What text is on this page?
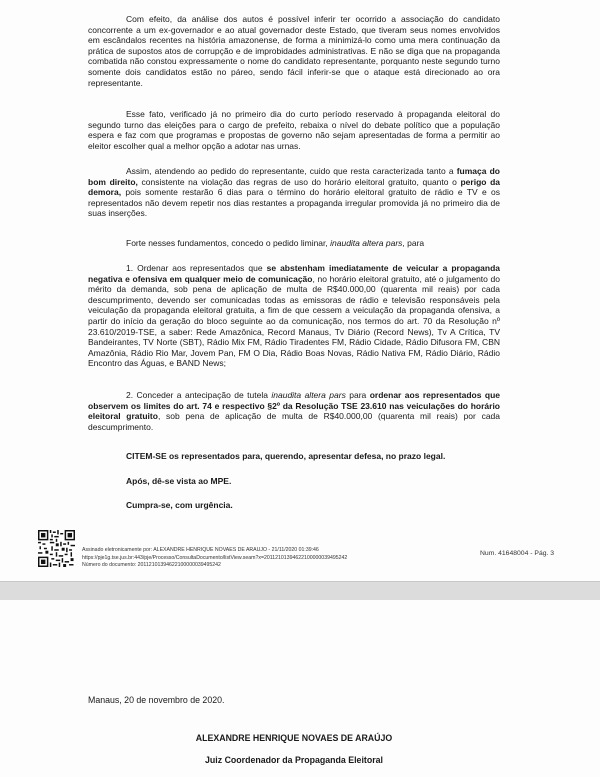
Com efeito, da análise dos autos é possível inferir ter ocorrido a associação do candidato concorrente a um ex-governador e ao atual governador deste Estado, que tiveram seus nomes envolvidos em escândalos recentes na história amazonense, de forma a minimizá-lo como uma mera continuação da prática de supostos atos de corrupção e de improbidades administrativas. E não se diga que na propaganda combatida não constou expressamente o nome do candidato representante, porquanto neste segundo turno somente dois candidatos estão no páreo, sendo fácil inferir-se que o ataque está direcionado ao ora representante.

Esse fato, verificado já no primeiro dia do curto período reservado à propaganda eleitoral do segundo turno das eleições para o cargo de prefeito, rebaixa o nível do debate político que a população espera e faz com que programas e propostas de governo não sejam apresentadas de forma a permitir ao eleitor escolher qual a melhor opção a adotar nas urnas.

Assim, atendendo ao pedido do representante, cuido que resta caracterizada tanto a fumaça do bom direito, consistente na violação das regras de uso do horário eleitoral gratuito, quanto o perigo da demora, pois somente restarão 6 dias para o término do horário eleitoral gratuito de rádio e TV e os representados não devem repetir nos dias restantes a propaganda irregular promovida já no primeiro dia de suas inserções.

Forte nesses fundamentos, concedo o pedido liminar, inaudita altera pars, para

1. Ordenar aos representados que se abstenham imediatamente de veicular a propaganda negativa e ofensiva em qualquer meio de comunicação, no horário eleitoral gratuito, até o julgamento do mérito da demanda, sob pena de aplicação de multa de R$40.000,00 (quarenta mil reais) por cada descumprimento, devendo ser comunicadas todas as emissoras de rádio e televisão responsáveis pela veiculação da propaganda eleitoral gratuita, a fim de que cessem a veiculação da propaganda ofensiva, a partir do início da geração do bloco seguinte ao da comunicação, nos termos do art. 70 da Resolução nº 23.610/2019-TSE, a saber: Rede Amazônica, Record Manaus, Tv Diário (Record News), Tv A Crítica, TV Bandeirantes, TV Norte (SBT), Rádio Mix FM, Rádio Tiradentes FM, Rádio Cidade, Rádio Difusora FM, CBN Amazônia, Rádio Rio Mar, Jovem Pan, FM O Dia, Rádio Boas Novas, Rádio Nativa FM, Rádio Diário, Rádio Encontro das Águas, e BAND News;

2. Conceder a antecipação de tutela inaudita altera pars para ordenar aos representados que observem os limites do art. 74 e respectivo §2º da Resolução TSE 23.610 nas veiculações do horário eleitoral gratuito, sob pena de aplicação de multa de R$40.000,00 (quarenta mil reais) por cada descumprimento.

CITEM-SE os representados para, querendo, apresentar defesa, no prazo legal.

Após, dê-se vista ao MPE.

Cumpra-se, com urgência.

Assinado eletronicamente por: ALEXANDRE HENRIQUE NOVAES DE ARAUJO - 21/11/2020 01:39:46
https://pje1g.tse.jus.br:443/pje/Processo/ConsultaDocumento/listView.seam?x=20112101394622100000039495242
Número do documento: 20112101394622100000039495242
Num. 41648004 - Pág. 3

Manaus, 20 de novembro de 2020.

ALEXANDRE HENRIQUE NOVAES DE ARAÚJO

Juiz Coordenador da Propaganda Eleitoral
